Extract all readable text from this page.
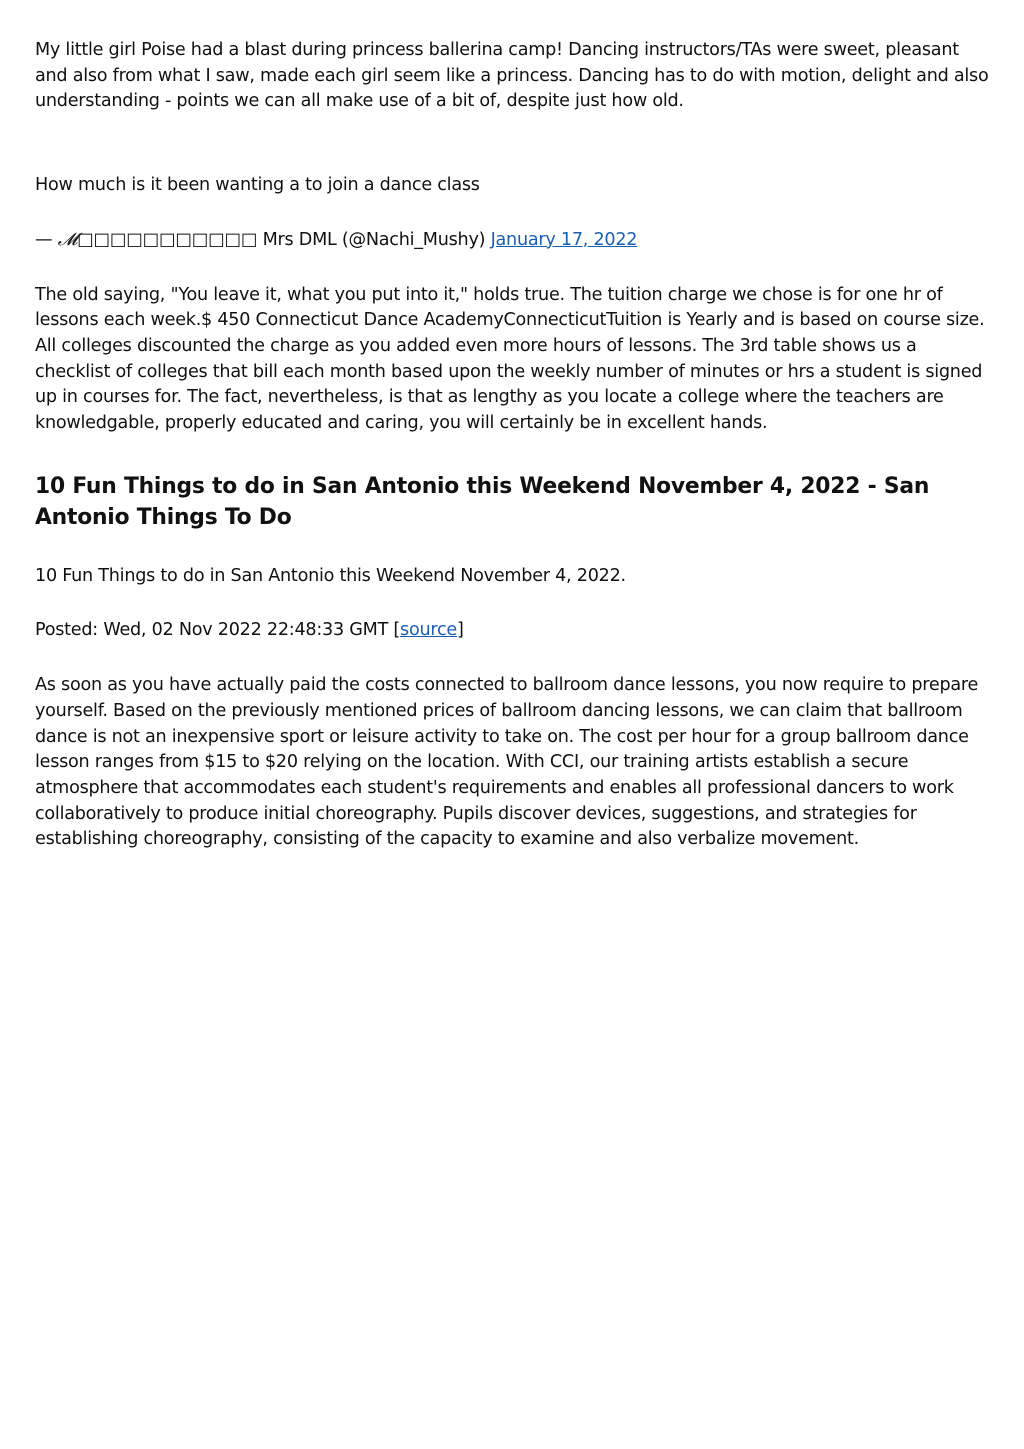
My little girl Poise had a blast during princess ballerina camp! Dancing instructors/TAs were sweet, pleasant and also from what I saw, made each girl seem like a princess. Dancing has to do with motion, delight and also understanding - points we can all make use of a bit of, despite just how old.

How much is it been wanting a to join a dance class

— 𝓜□□□□□□□□□□□ Mrs DML (@Nachi_Mushy) January 17, 2022

The old saying, "You leave it, what you put into it," holds true. The tuition charge we chose is for one hr of lessons each week.$ 450 Connecticut Dance AcademyConnecticutTuition is Yearly and is based on course size. All colleges discounted the charge as you added even more hours of lessons. The 3rd table shows us a checklist of colleges that bill each month based upon the weekly number of minutes or hrs a student is signed up in courses for. The fact, nevertheless, is that as lengthy as you locate a college where the teachers are knowledgable, properly educated and caring, you will certainly be in excellent hands.

10 Fun Things to do in San Antonio this Weekend November 4, 2022 - San Antonio Things To Do

10 Fun Things to do in San Antonio this Weekend November 4, 2022.

Posted: Wed, 02 Nov 2022 22:48:33 GMT [source]

As soon as you have actually paid the costs connected to ballroom dance lessons, you now require to prepare yourself. Based on the previously mentioned prices of ballroom dancing lessons, we can claim that ballroom dance is not an inexpensive sport or leisure activity to take on. The cost per hour for a group ballroom dance lesson ranges from $15 to $20 relying on the location. With CCI, our training artists establish a secure atmosphere that accommodates each student's requirements and enables all professional dancers to work collaboratively to produce initial choreography. Pupils discover devices, suggestions, and strategies for establishing choreography, consisting of the capacity to examine and also verbalize movement.
